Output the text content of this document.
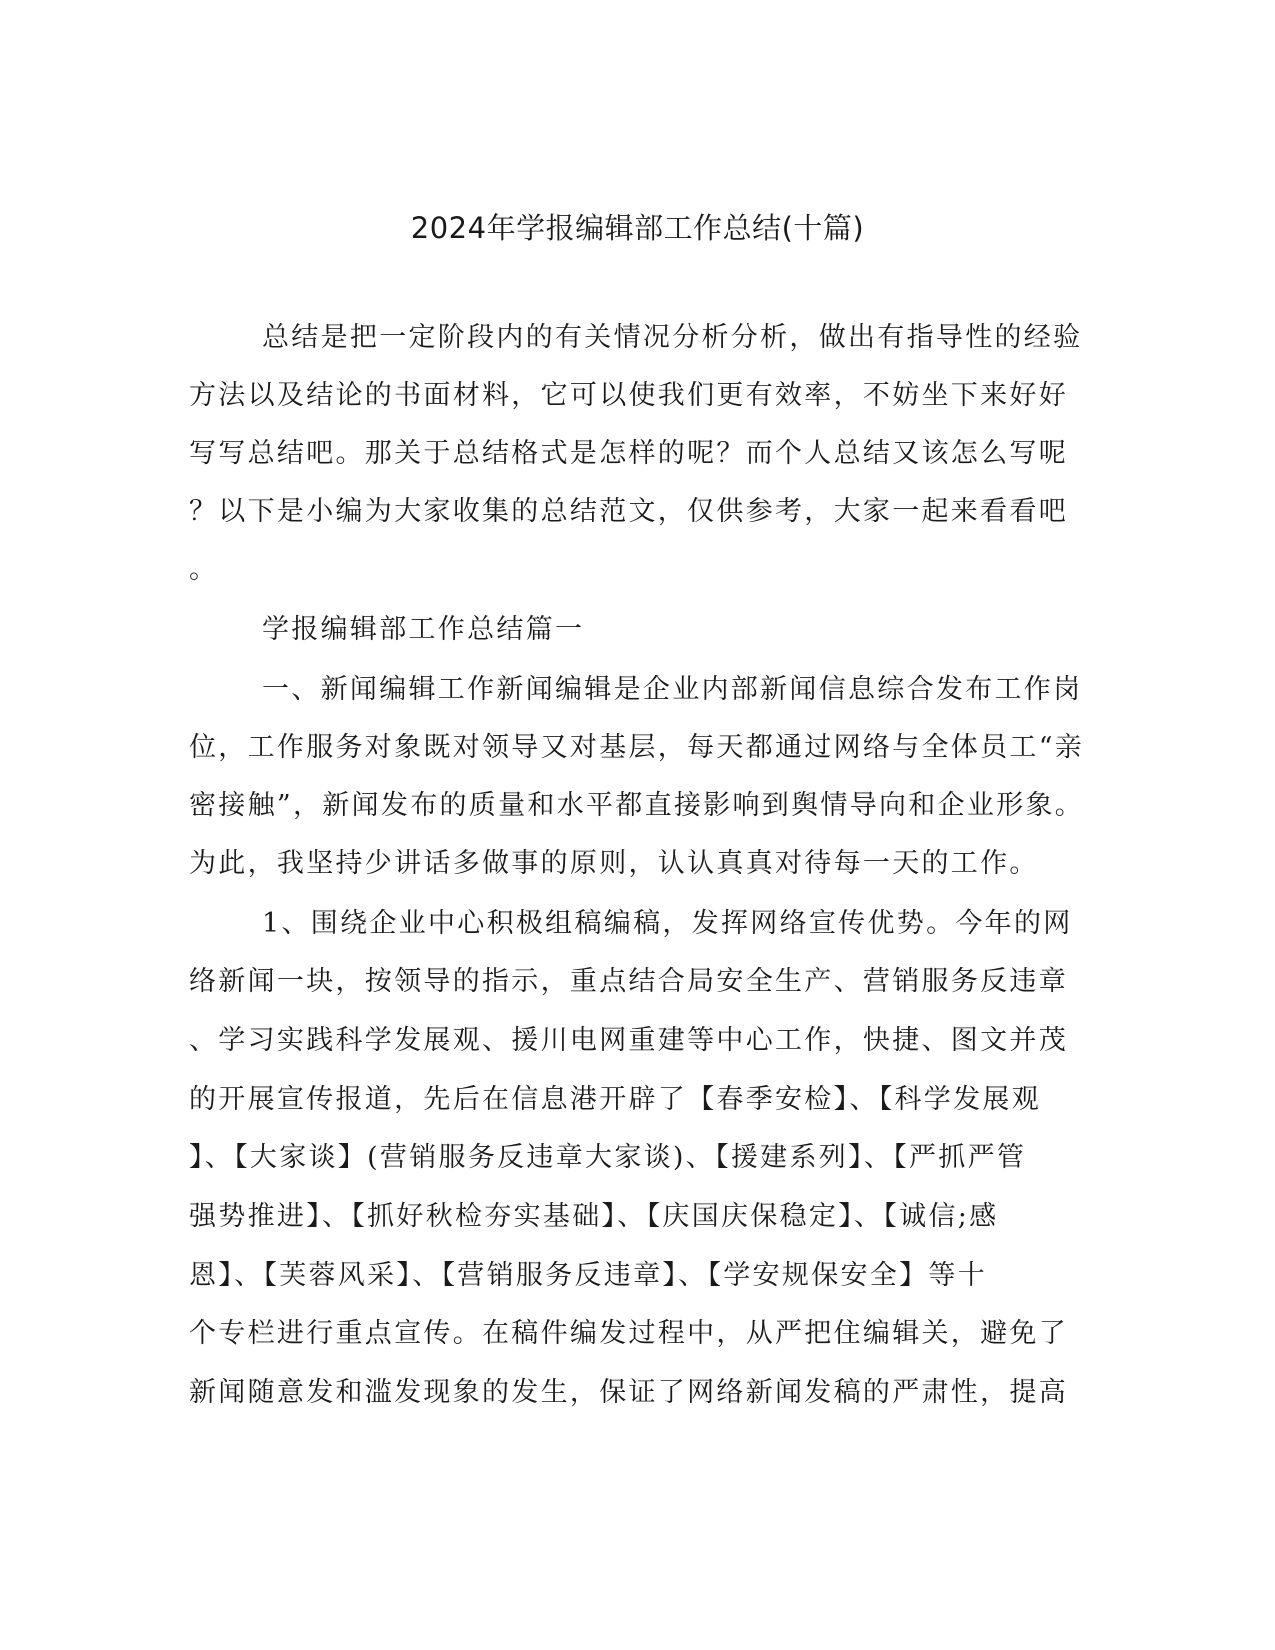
2024年学报编辑部工作总结(十篇)
总结是把一定阶段内的有关情况分析分析，做出有指导性的经验
方法以及结论的书面材料，它可以使我们更有效率，不妨坐下来好好
写写总结吧。那关于总结格式是怎样的呢？而个人总结又该怎么写呢
？以下是小编为大家收集的总结范文，仅供参考，大家一起来看看吧
。
学报编辑部工作总结篇一
一、新闻编辑工作新闻编辑是企业内部新闻信息综合发布工作岗
位，工作服务对象既对领导又对基层，每天都通过网络与全体员工“亲
密接触”，新闻发布的质量和水平都直接影响到舆情导向和企业形象。
为此，我坚持少讲话多做事的原则，认认真真对待每一天的工作。
1、围绕企业中心积极组稿编稿，发挥网络宣传优势。今年的网
络新闻一块，按领导的指示，重点结合局安全生产、营销服务反违章
、学习实践科学发展观、援川电网重建等中心工作，快捷、图文并茂
的开展宣传报道，先后在信息港开辟了【春季安检】、【科学发展观
】、【大家谈】(营销服务反违章大家谈)、【援建系列】、【严抓严管
强势推进】、【抓好秋检夯实基础】、【庆国庆保稳定】、【诚信;感
恩】、【芙蓉风采】、【营销服务反违章】、【学安规保安全】等十
个专栏进行重点宣传。在稿件编发过程中，从严把住编辑关，避免了
新闻随意发和滥发现象的发生，保证了网络新闻发稿的严肃性，提高
